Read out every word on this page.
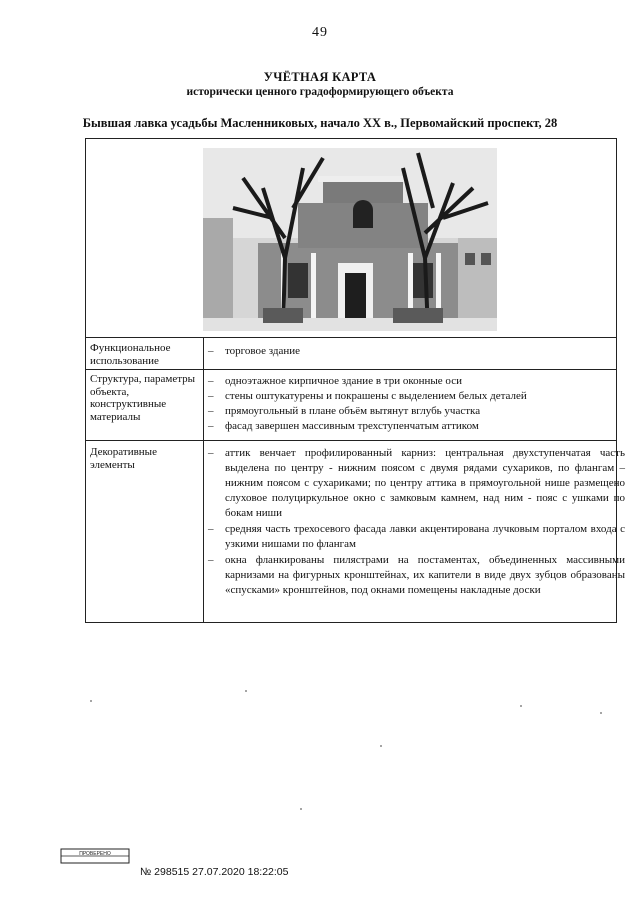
49
УЧЁТНАЯ КАРТА
исторически ценного градоформирующего объекта
Бывшая лавка усадьбы Масленниковых, начало ХХ в., Первомайский проспект, 28
Функциональное использование
– торговое здание
Структура, параметры объекта, конструктивные материалы
– одноэтажное кирпичное здание в три оконные оси
– стены оштукатурены и покрашены с выделением белых деталей
– прямоугольный в плане объём вытянут вглубь участка
– фасад завершен массивным трехступенчатым аттиком
Декоративные элементы
– аттик венчает профилированный карниз: центральная двухступенчатая часть выделена по центру - нижним поясом с двумя рядами сухариков, по флангам – нижним поясом с сухариками; по центру аттика в прямоугольной нише размещено слуховое полуциркульное окно с замковым камнем, над ним - пояс с ушками по бокам ниши
– средняя часть трехосевого фасада лавки акцентирована лучковым порталом входа с узкими нишами по флангам
– окна фланкированы пилястрами на постаментах, объединенных массивными карнизами на фигурных кронштейнах, их капители в виде двух зубцов образованы «спусками» кронштейнов, под окнами помещены накладные доски
ПРОВЕРЕНО
№ 298515 27.07.2020 18:22:05
